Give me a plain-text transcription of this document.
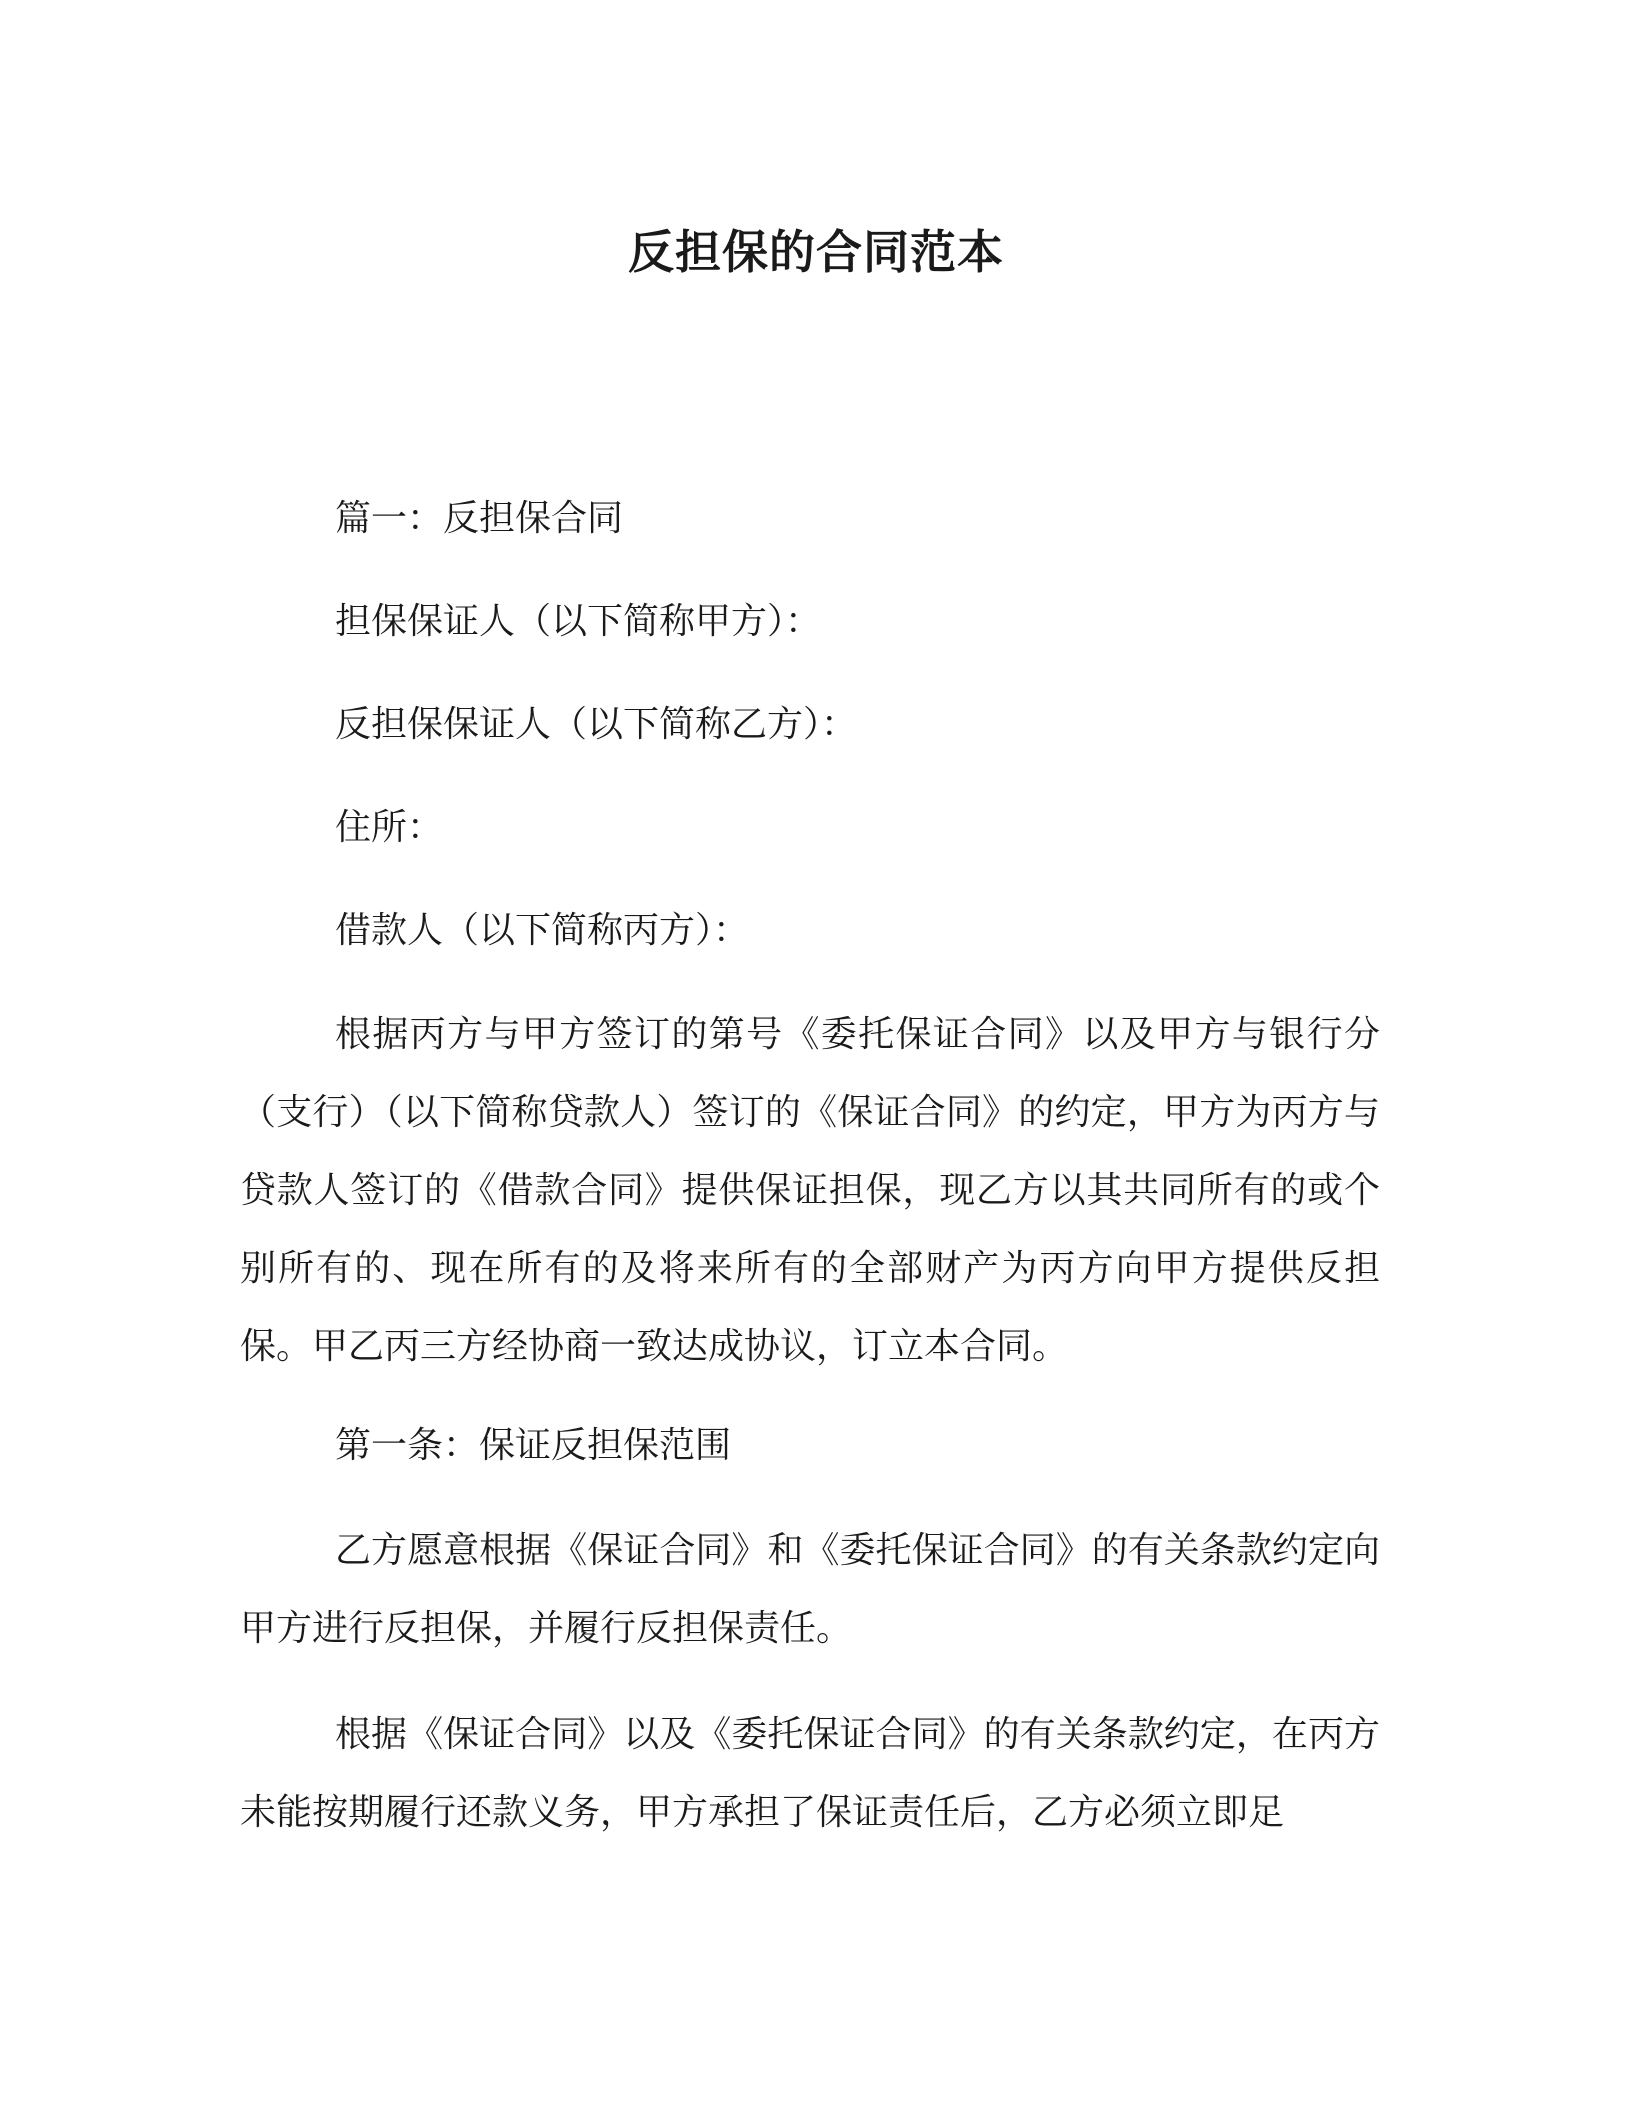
反担保的合同范本
篇一：反担保合同
担保保证人（以下简称甲方）：
反担保保证人（以下简称乙方）：
住所：
借款人（以下简称丙方）：
根据丙方与甲方签订的第号《委托保证合同》以及甲方与银行分（支行）（以下简称贷款人）签订的《保证合同》的约定，甲方为丙方与贷款人签订的《借款合同》提供保证担保，现乙方以其共同所有的或个别所有的、现在所有的及将来所有的全部财产为丙方向甲方提供反担保。甲乙丙三方经协商一致达成协议，订立本合同。
第一条：保证反担保范围
乙方愿意根据《保证合同》和《委托保证合同》的有关条款约定向甲方进行反担保，并履行反担保责任。
根据《保证合同》以及《委托保证合同》的有关条款约定，在丙方未能按期履行还款义务，甲方承担了保证责任后，乙方必须立即足
